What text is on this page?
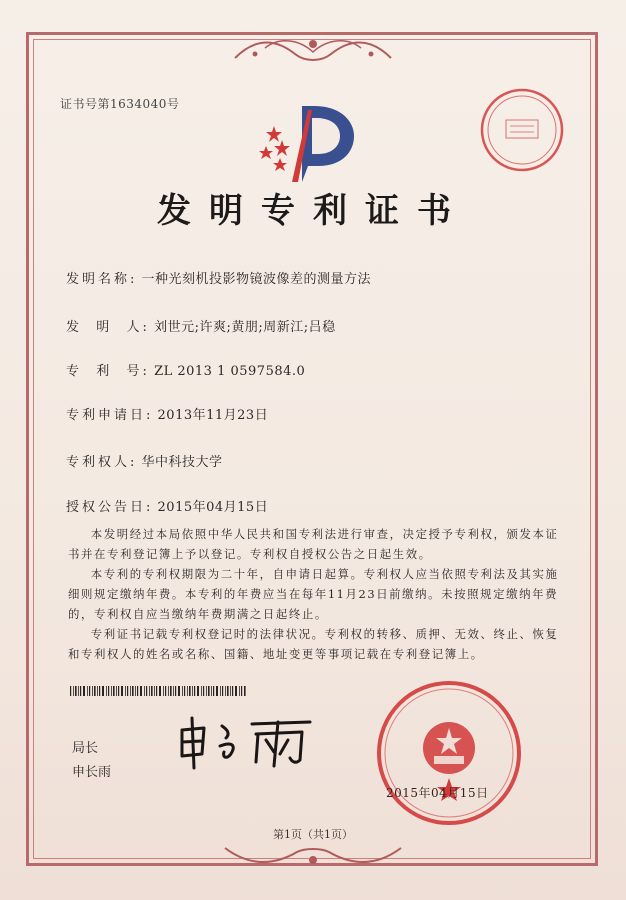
证书号第1634040号
发明专利证书
发明名称: 一种光刻机投影物镜波像差的测量方法
发  明  人: 刘世元;许爽;黄朋;周新江;吕稳
专  利  号: ZL 2013 1 0597584.0
专利申请日: 2013年11月23日
专利权人: 华中科技大学
授权公告日: 2015年04月15日

本发明经过本局依照中华人民共和国专利法进行审查，决定授予专利权，颁发本证书并在专利登记簿上予以登记。专利权自授权公告之日起生效。

本专利的专利权期限为二十年，自申请日起算。专利权人应当依照专利法及其实施细则规定缴纳年费。本专利的年费应当在每年11月23日前缴纳。未按照规定缴纳年费的，专利权自应当缴纳年费期满之日起终止。

专利证书记载专利权登记时的法律状况。专利权的转移、质押、无效、终止、恢复和专利权人的姓名或名称、国籍、地址变更等事项记载在专利登记簿上。

局长
申长雨
2015年04月15日
第1页（共1页）
